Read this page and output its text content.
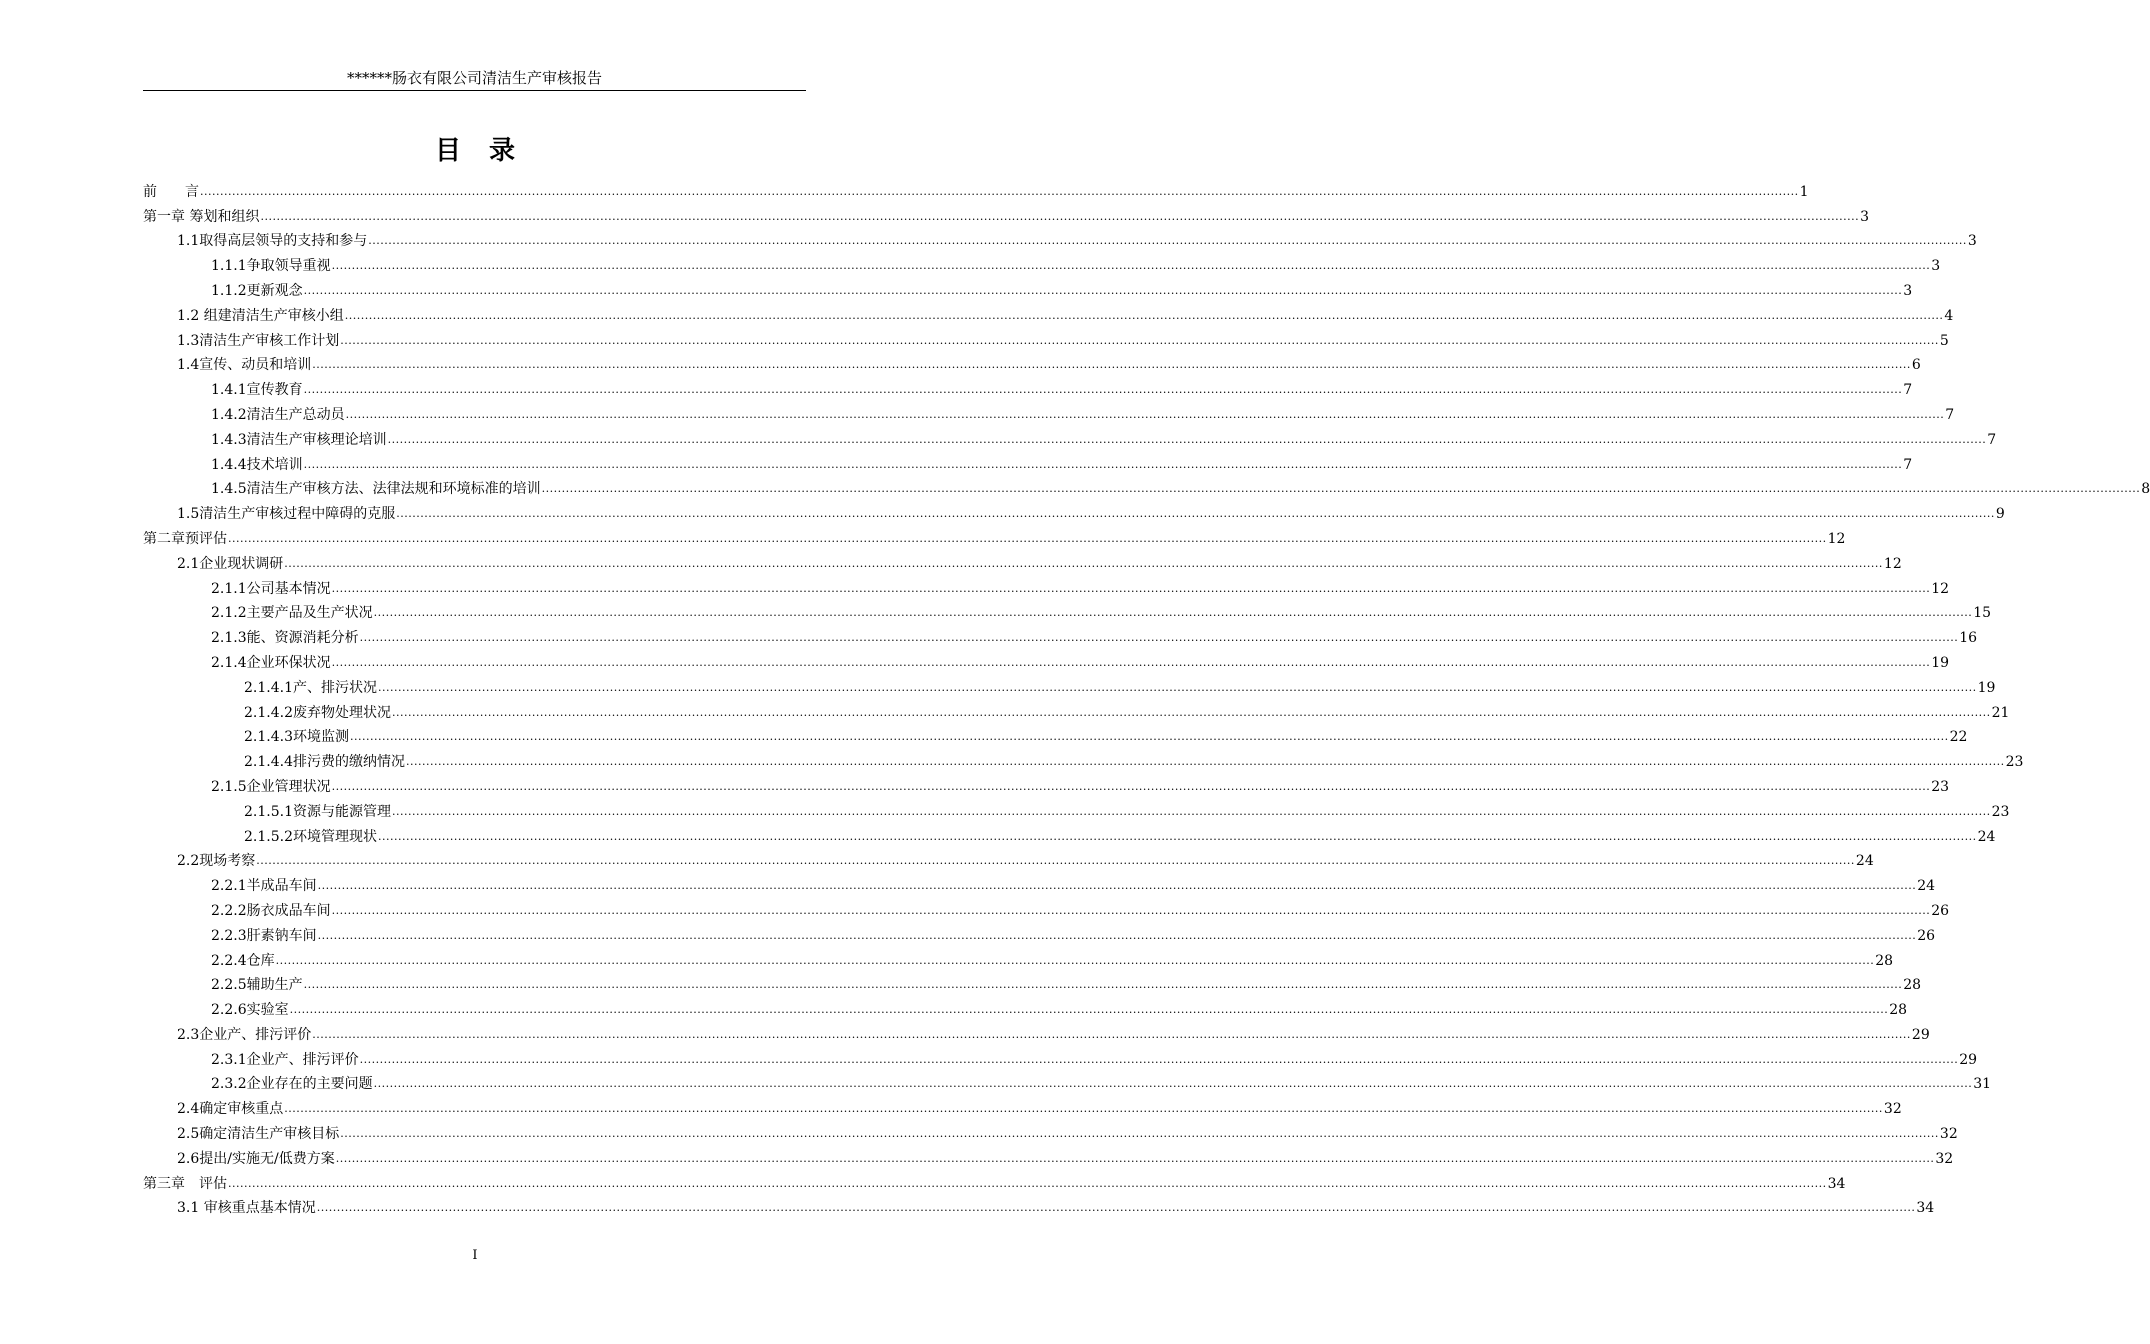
******肠衣有限公司清洁生产审核报告
目录
前　　言 ................................................................................................................................................................................................................................................................................................................................................................................................................ 1
第一章 筹划和组织 ................................................................................................................................................................................................................................................................................................................................................................................................................ 3
1.1取得高层领导的支持和参与 ................................................................................................................................................................................................................................................................................................................................................................................................................ 3
1.1.1争取领导重视 ................................................................................................................................................................................................................................................................................................................................................................................................................ 3
1.1.2更新观念 ................................................................................................................................................................................................................................................................................................................................................................................................................ 3
1.2 组建清洁生产审核小组 ................................................................................................................................................................................................................................................................................................................................................................................................................ 4
1.3清洁生产审核工作计划 ................................................................................................................................................................................................................................................................................................................................................................................................................ 5
1.4宣传、动员和培训 ................................................................................................................................................................................................................................................................................................................................................................................................................ 6
1.4.1宣传教育 ................................................................................................................................................................................................................................................................................................................................................................................................................ 7
1.4.2清洁生产总动员 ................................................................................................................................................................................................................................................................................................................................................................................................................ 7
1.4.3清洁生产审核理论培训 ................................................................................................................................................................................................................................................................................................................................................................................................................ 7
1.4.4技术培训 ................................................................................................................................................................................................................................................................................................................................................................................................................ 7
1.4.5清洁生产审核方法、法律法规和环境标准的培训 ................................................................................................................................................................................................................................................................................................................................................................................................................ 8
1.5清洁生产审核过程中障碍的克服 ................................................................................................................................................................................................................................................................................................................................................................................................................ 9
第二章预评估 ................................................................................................................................................................................................................................................................................................................................................................................................................ 12
2.1企业现状调研 ................................................................................................................................................................................................................................................................................................................................................................................................................ 12
2.1.1公司基本情况 ................................................................................................................................................................................................................................................................................................................................................................................................................ 12
2.1.2主要产品及生产状况 ................................................................................................................................................................................................................................................................................................................................................................................................................ 15
2.1.3能、资源消耗分析 ................................................................................................................................................................................................................................................................................................................................................................................................................ 16
2.1.4企业环保状况 ................................................................................................................................................................................................................................................................................................................................................................................................................ 19
2.1.4.1产、排污状况 ................................................................................................................................................................................................................................................................................................................................................................................................................ 19
2.1.4.2废弃物处理状况 ................................................................................................................................................................................................................................................................................................................................................................................................................ 21
2.1.4.3环境监测 ................................................................................................................................................................................................................................................................................................................................................................................................................ 22
2.1.4.4排污费的缴纳情况 ................................................................................................................................................................................................................................................................................................................................................................................................................ 23
2.1.5企业管理状况 ................................................................................................................................................................................................................................................................................................................................................................................................................ 23
2.1.5.1资源与能源管理 ................................................................................................................................................................................................................................................................................................................................................................................................................ 23
2.1.5.2环境管理现状 ................................................................................................................................................................................................................................................................................................................................................................................................................ 24
2.2现场考察 ................................................................................................................................................................................................................................................................................................................................................................................................................ 24
2.2.1半成品车间 ................................................................................................................................................................................................................................................................................................................................................................................................................ 24
2.2.2肠衣成品车间 ................................................................................................................................................................................................................................................................................................................................................................................................................ 26
2.2.3肝素钠车间 ................................................................................................................................................................................................................................................................................................................................................................................................................ 26
2.2.4仓库 ................................................................................................................................................................................................................................................................................................................................................................................................................ 28
2.2.5辅助生产 ................................................................................................................................................................................................................................................................................................................................................................................................................ 28
2.2.6实验室 ................................................................................................................................................................................................................................................................................................................................................................................................................ 28
2.3企业产、排污评价 ................................................................................................................................................................................................................................................................................................................................................................................................................ 29
2.3.1企业产、排污评价 ................................................................................................................................................................................................................................................................................................................................................................................................................ 29
2.3.2企业存在的主要问题 ................................................................................................................................................................................................................................................................................................................................................................................................................ 31
2.4确定审核重点 ................................................................................................................................................................................................................................................................................................................................................................................................................ 32
2.5确定清洁生产审核目标 ................................................................................................................................................................................................................................................................................................................................................................................................................ 32
2.6提出/实施无/低费方案 ................................................................................................................................................................................................................................................................................................................................................................................................................ 32
第三章　评估 ................................................................................................................................................................................................................................................................................................................................................................................................................ 34
3.1 审核重点基本情况 ................................................................................................................................................................................................................................................................................................................................................................................................................ 34
I
